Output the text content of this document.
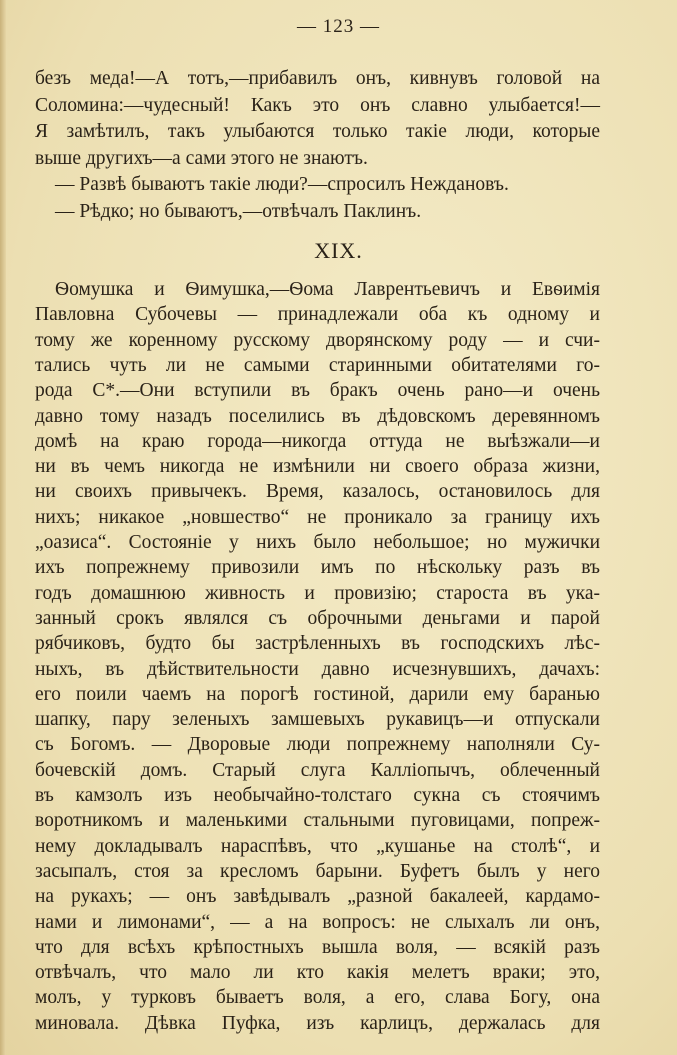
— 123 —
безъ меда!—А тотъ,—прибавилъ онъ, кивнувъ головой на
Соломина:—чудесный! Какъ это онъ славно улыбается!—
Я замѣтилъ, такъ улыбаются только такіе люди, которые
выше другихъ—а сами этого не знаютъ.
— Развѣ бываютъ такіе люди?—спросилъ Неждановъ.
— Рѣдко; но бываютъ,—отвѣчалъ Паклинъ.
XIX.
Ѳомушка и Ѳимушка,—Ѳома Лаврентьевичъ и Евѳимія
Павловна Субочевы — принадлежали оба къ одному и
тому же коренному русскому дворянскому роду — и счи-
тались чуть ли не самыми старинными обитателями го-
рода С*.—Они вступили въ бракъ очень рано—и очень
давно тому назадъ поселились въ дѣдовскомъ деревянномъ
домѣ на краю города—никогда оттуда не выѣзжали—и
ни въ чемъ никогда не измѣнили ни своего образа жизни,
ни своихъ привычекъ. Время, казалось, остановилось для
нихъ; никакое „новшество“ не проникало за границу ихъ
„оазиса“. Состояніе у нихъ было небольшое; но мужички
ихъ попрежнему привозили имъ по нѣскольку разъ въ
годъ домашнюю живность и провизію; староста въ ука-
занный срокъ являлся съ оброчными деньгами и парой
рябчиковъ, будто бы застрѣленныхъ въ господскихъ лѣс-
ныхъ, въ дѣйствительности давно исчезнувшихъ, дачахъ:
его поили чаемъ на порогѣ гостиной, дарили ему баранью
шапку, пару зеленыхъ замшевыхъ рукавицъ—и отпускали
съ Богомъ. — Дворовые люди попрежнему наполняли Су-
бочевскій домъ. Старый слуга Калліопычъ, облеченный
въ камзолъ изъ необычайно-толстаго сукна съ стоячимъ
воротникомъ и маленькими стальными пуговицами, попреж-
нему докладывалъ нараспѣвъ, что „кушанье на столѣ“, и
засыпалъ, стоя за кресломъ барыни. Буфетъ былъ у него
на рукахъ; — онъ завѣдывалъ „разной бакалеей, кардамо-
нами и лимонами“, — а на вопросъ: не слыхалъ ли онъ,
что для всѣхъ крѣпостныхъ вышла воля, — всякій разъ
отвѣчалъ, что мало ли кто какія мелетъ враки; это,
молъ, у турковъ бываетъ воля, а его, слава Богу, она
миновала. Дѣвка Пуфка, изъ карлицъ, держалась для
